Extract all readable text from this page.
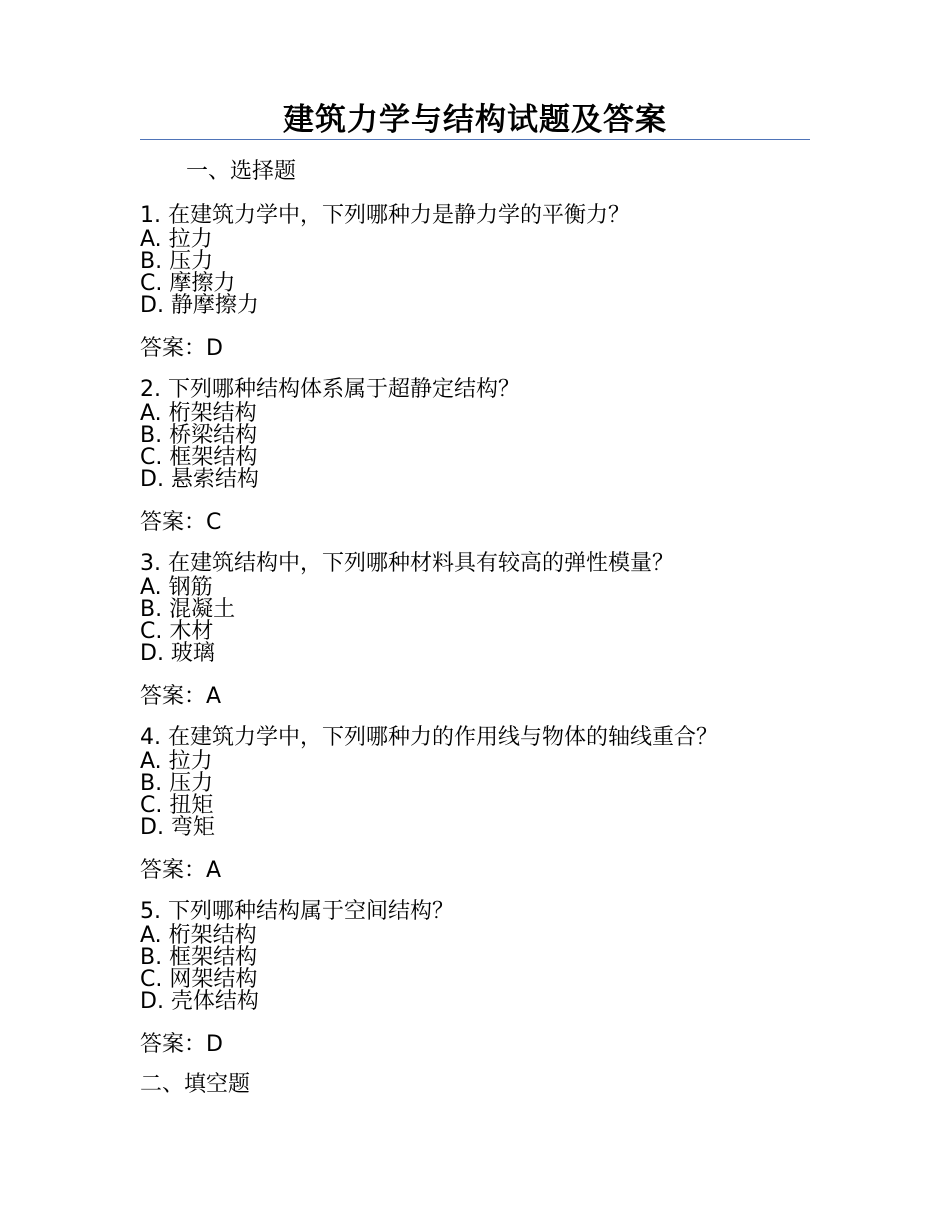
建筑力学与结构试题及答案
一、选择题
1. 在建筑力学中，下列哪种力是静力学的平衡力？
A. 拉力
B. 压力
C. 摩擦力
D. 静摩擦力
答案：D
2. 下列哪种结构体系属于超静定结构？
A. 桁架结构
B. 桥梁结构
C. 框架结构
D. 悬索结构
答案：C
3. 在建筑结构中，下列哪种材料具有较高的弹性模量？
A. 钢筋
B. 混凝土
C. 木材
D. 玻璃
答案：A
4. 在建筑力学中，下列哪种力的作用线与物体的轴线重合？
A. 拉力
B. 压力
C. 扭矩
D. 弯矩
答案：A
5. 下列哪种结构属于空间结构？
A. 桁架结构
B. 框架结构
C. 网架结构
D. 壳体结构
答案：D
二、填空题
